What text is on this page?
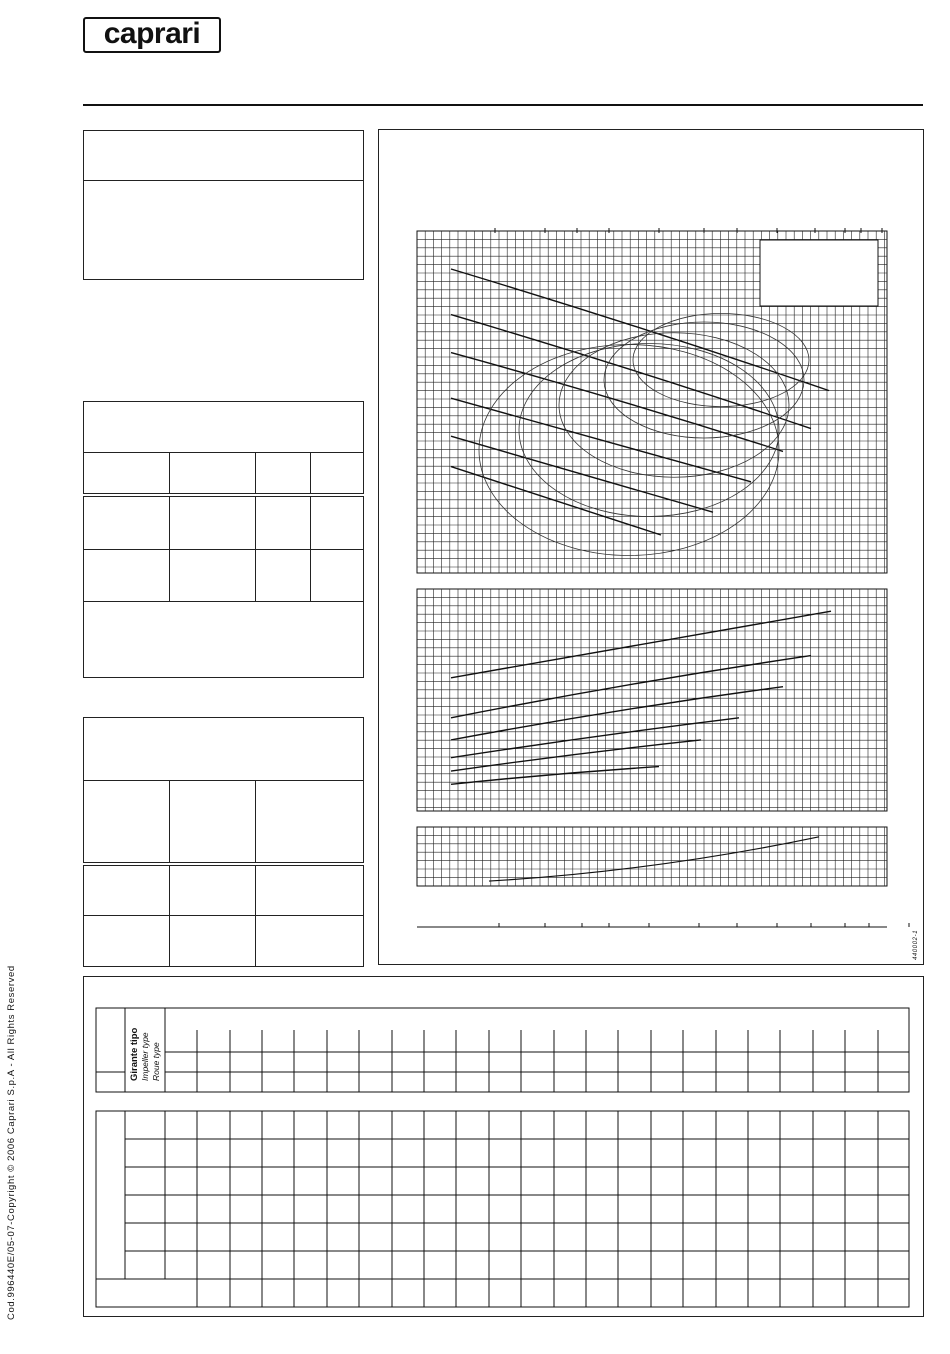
caprari
440002-1
Girante tipo Impeller type Roue type
Cod.996440E/05-07-Copyright © 2006 Caprari S.p.A - All Rights Reserved
